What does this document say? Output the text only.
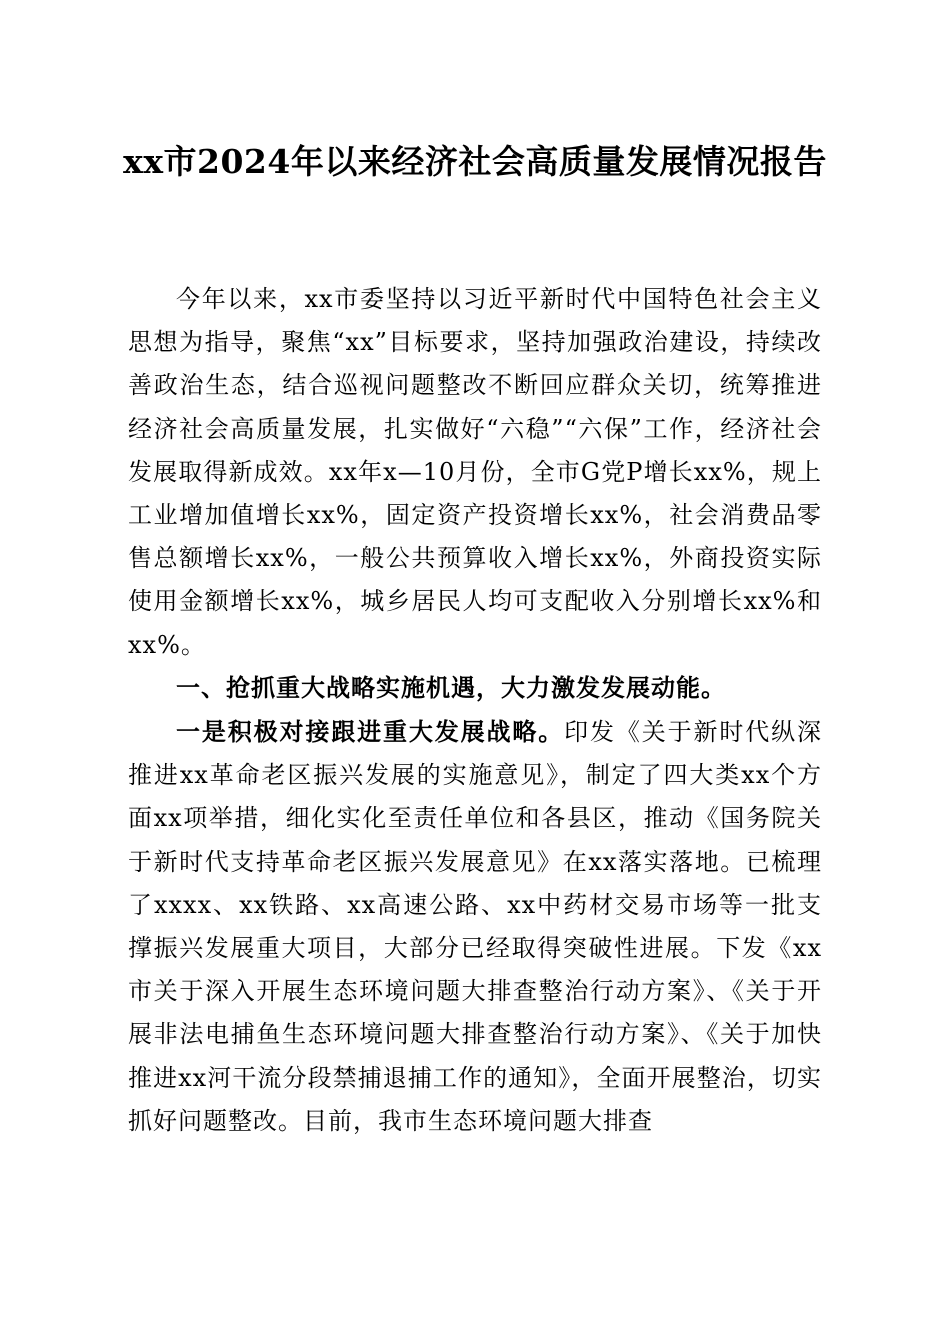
xx市2024年以来经济社会高质量发展情况报告

今年以来，xx市委坚持以习近平新时代中国特色社会主义思想为指导，聚焦“xx”目标要求，坚持加强政治建设，持续改善政治生态，结合巡视问题整改不断回应群众关切，统筹推进经济社会高质量发展，扎实做好“六稳”“六保”工作，经济社会发展取得新成效。xx年x—10月份，全市G党P增长xx%，规上工业增加值增长xx%，固定资产投资增长xx%，社会消费品零售总额增长xx%，一般公共预算收入增长xx%，外商投资实际使用金额增长xx%，城乡居民人均可支配收入分别增长xx%和xx%。

一、抢抓重大战略实施机遇，大力激发发展动能。

一是积极对接跟进重大发展战略。印发《关于新时代纵深推进xx革命老区振兴发展的实施意见》，制定了四大类xx个方面xx项举措，细化实化至责任单位和各县区，推动《国务院关于新时代支持革命老区振兴发展意见》在xx落实落地。已梳理了xxxx、xx铁路、xx高速公路、xx中药材交易市场等一批支撑振兴发展重大项目，大部分已经取得突破性进展。下发《xx市关于深入开展生态环境问题大排查整治行动方案》、《关于开展非法电捕鱼生态环境问题大排查整治行动方案》、《关于加快推进xx河干流分段禁捕退捕工作的通知》，全面开展整治，切实抓好问题整改。目前，我市生态环境问题大排查
